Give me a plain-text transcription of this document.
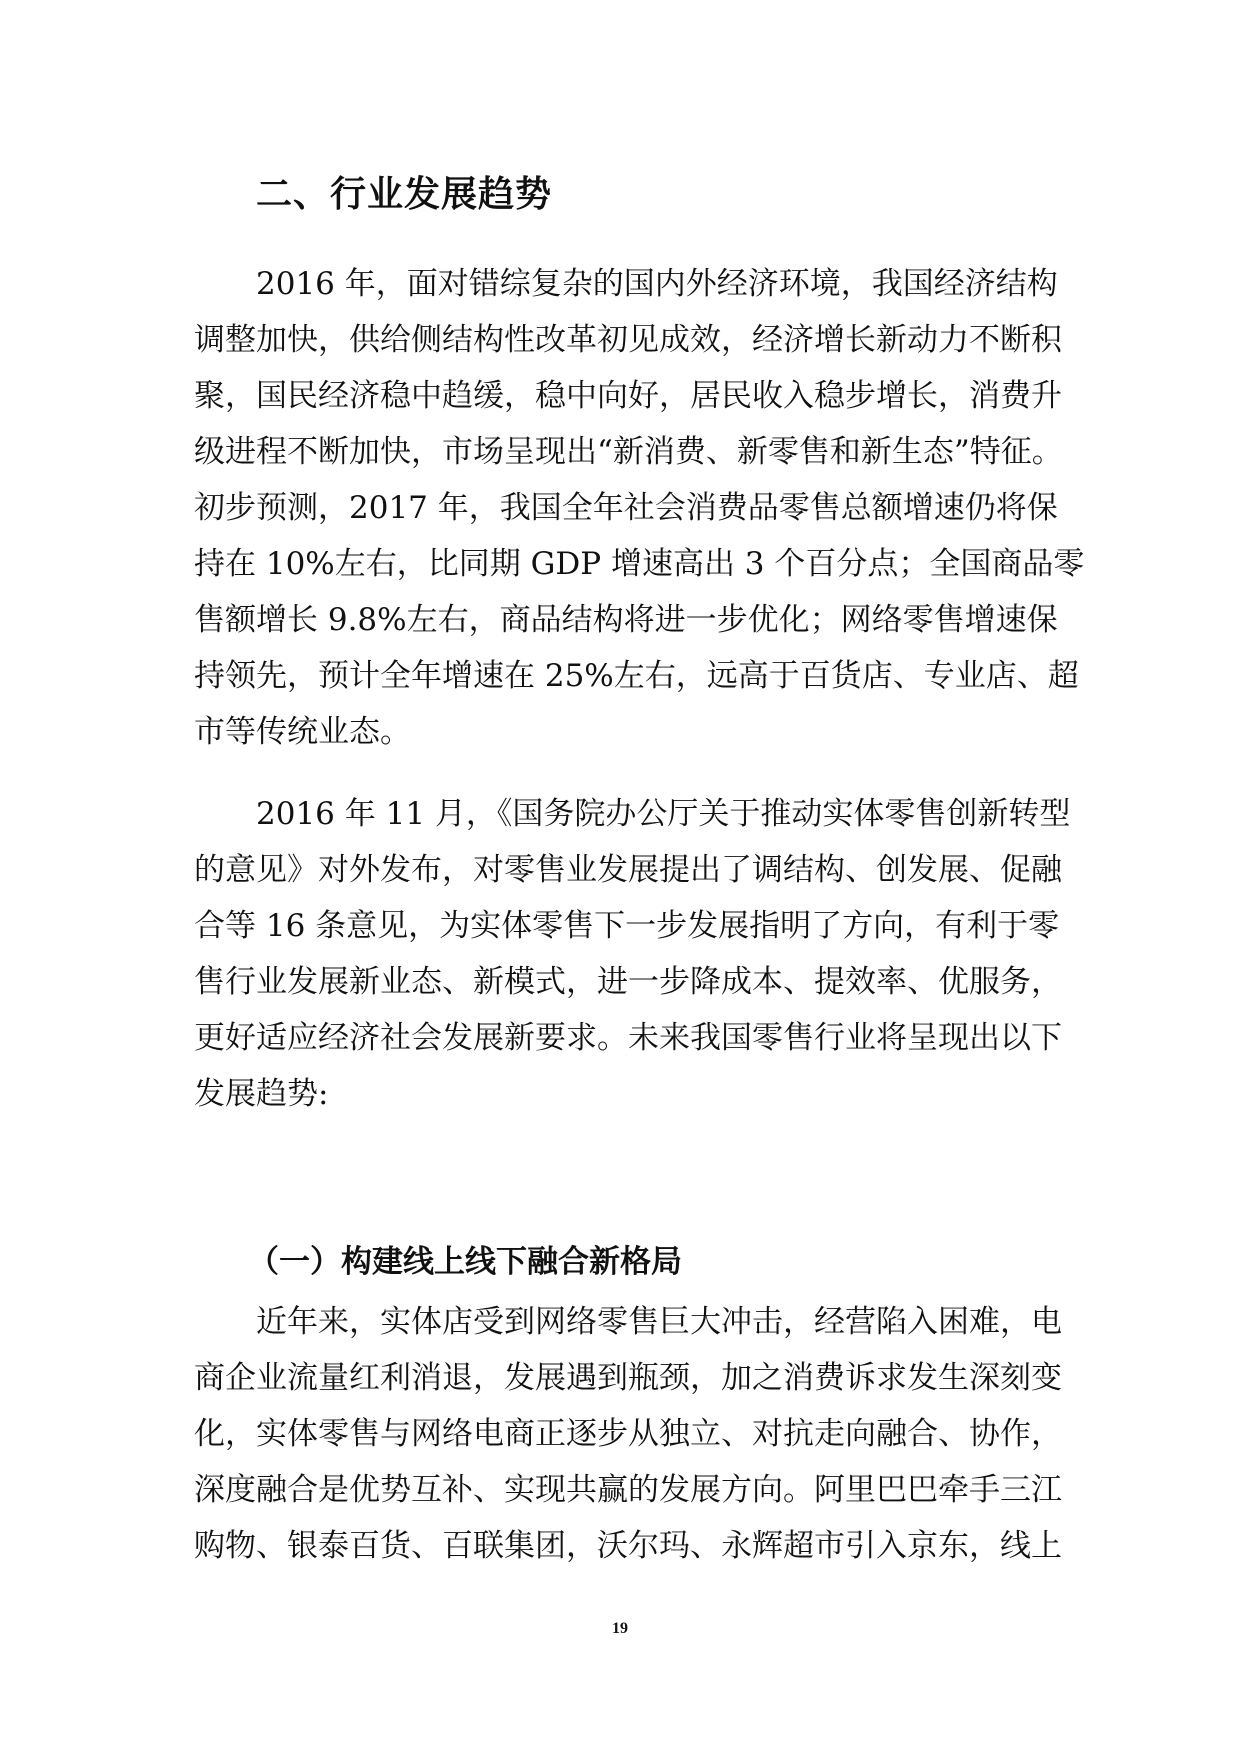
二、行业发展趋势
2016 年，面对错综复杂的国内外经济环境，我国经济结构
调整加快，供给侧结构性改革初见成效，经济增长新动力不断积
聚，国民经济稳中趋缓，稳中向好，居民收入稳步增长，消费升
级进程不断加快，市场呈现出“新消费、新零售和新生态”特征。
初步预测，2017 年，我国全年社会消费品零售总额增速仍将保
持在 10%左右，比同期 GDP 增速高出 3 个百分点；全国商品零
售额增长 9.8%左右，商品结构将进一步优化；网络零售增速保
持领先，预计全年增速在 25%左右，远高于百货店、专业店、超
市等传统业态。
2016 年 11 月，《国务院办公厅关于推动实体零售创新转型
的意见》对外发布，对零售业发展提出了调结构、创发展、促融
合等 16 条意见，为实体零售下一步发展指明了方向，有利于零
售行业发展新业态、新模式，进一步降成本、提效率、优服务，
更好适应经济社会发展新要求。未来我国零售行业将呈现出以下
发展趋势:
（一）构建线上线下融合新格局
近年来，实体店受到网络零售巨大冲击，经营陷入困难，电
商企业流量红利消退，发展遇到瓶颈，加之消费诉求发生深刻变
化，实体零售与网络电商正逐步从独立、对抗走向融合、协作，
深度融合是优势互补、实现共赢的发展方向。阿里巴巴牵手三江
购物、银泰百货、百联集团，沃尔玛、永辉超市引入京东，线上
19
